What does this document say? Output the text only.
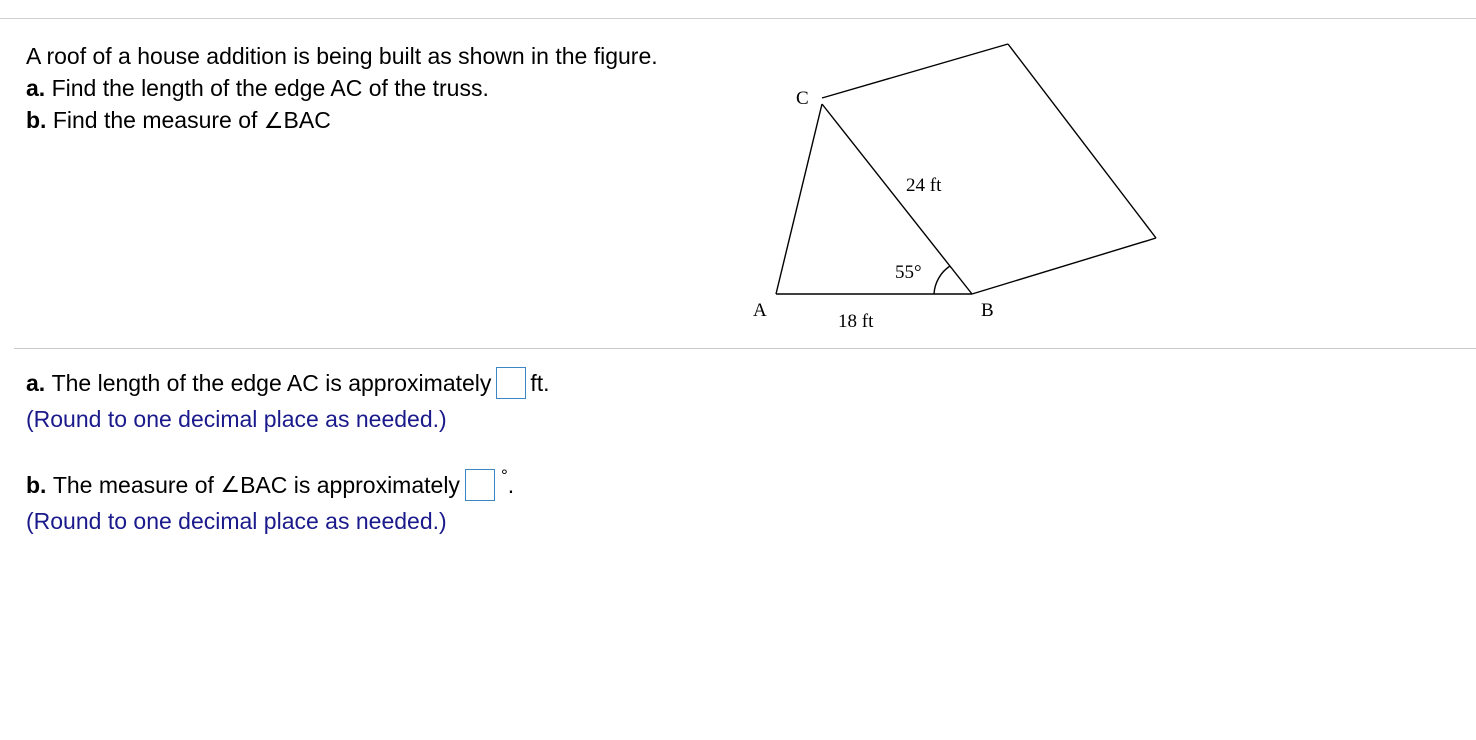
A roof of a house addition is being built as shown in the figure.
a. Find the length of the edge AC of the truss.
b. Find the measure of ∠BAC
C
A	B
24 ft
18 ft
55°
a.
The length of the edge AC is approximately ft.
(Round to one decimal place as needed.)
b.
The measure of
∠ BAC
is approximately ° .
(Round to one decimal place as needed.)
